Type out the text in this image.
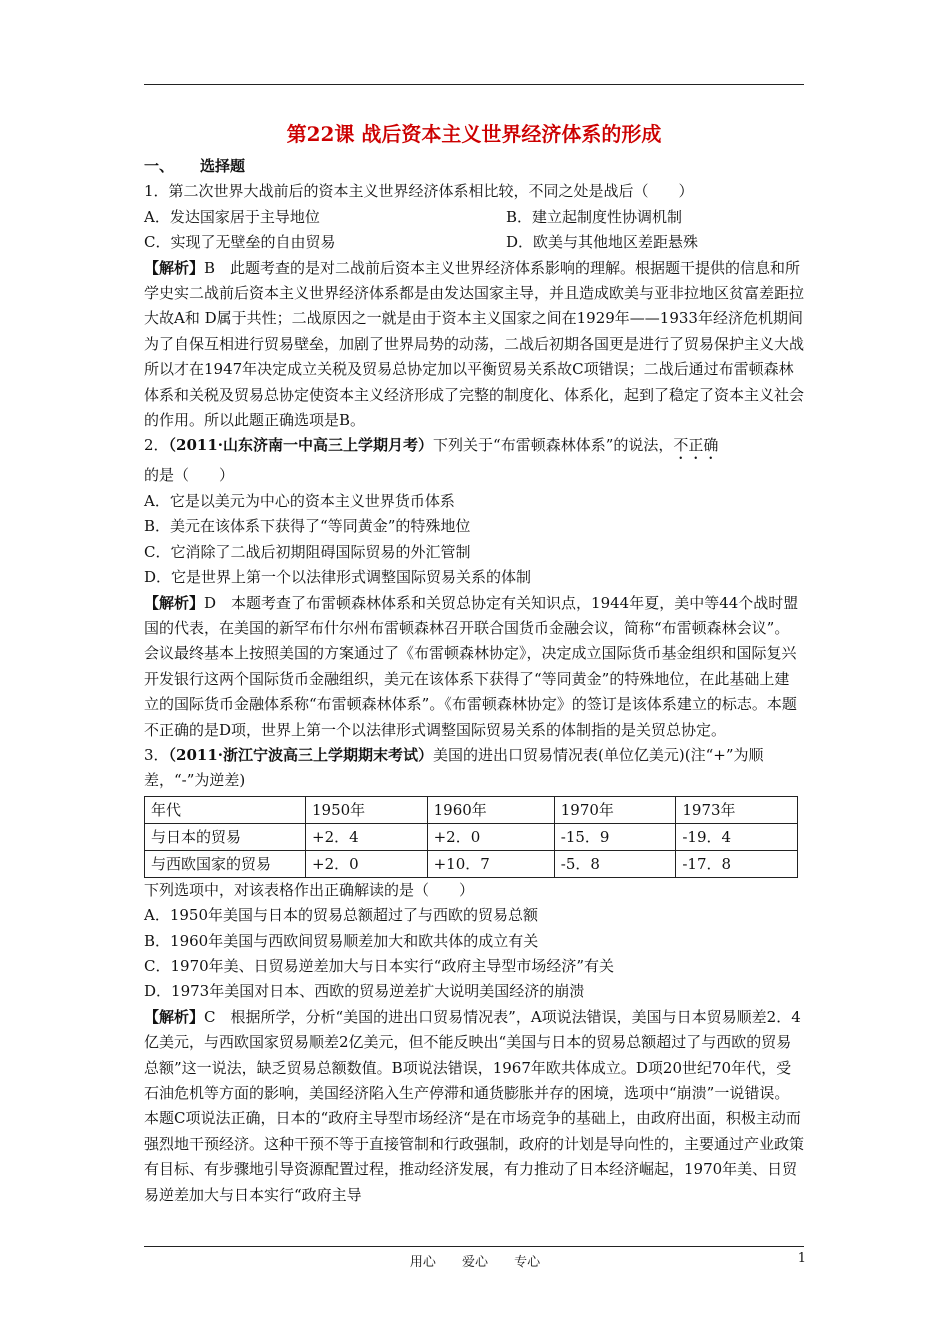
第22课 战后资本主义世界经济体系的形成

一、 选择题

1．第二次世界大战前后的资本主义世界经济体系相比较，不同之处是战后（　　）

A．发达国家居于主导地位	B．建立起制度性协调机制
C．实现了无壁垒的自由贸易	D．欧美与其他地区差距悬殊

【解析】B　此题考查的是对二战前后资本主义世界经济体系影响的理解。根据题干提供的信息和所学史实二战前后资本主义世界经济体系都是由发达国家主导，并且造成欧美与亚非拉地区贫富差距拉大故A和 D属于共性；二战原因之一就是由于资本主义国家之间在1929年——1933年经济危机期间为了自保互相进行贸易壁垒，加剧了世界局势的动荡，二战后初期各国更是进行了贸易保护主义大战所以才在1947年决定成立关税及贸易总协定加以平衡贸易关系故C项错误；二战后通过布雷顿森林体系和关税及贸易总协定使资本主义经济形成了完整的制度化、体系化，起到了稳定了资本主义社会的作用。所以此题正确选项是B。

2．（2011·山东济南一中高三上学期月考）下列关于“布雷顿森林体系”的说法，不正确的是（　　）

A．它是以美元为中心的资本主义世界货币体系

B．美元在该体系下获得了“等同黄金”的特殊地位

C．它消除了二战后初期阻碍国际贸易的外汇管制

D．它是世界上第一个以法律形式调整国际贸易关系的体制

【解析】D　本题考查了布雷顿森林体系和关贸总协定有关知识点，1944年夏，美中等44个战时盟国的代表，在美国的新罕布什尔州布雷顿森林召开联合国货币金融会议，简称“布雷顿森林会议”。会议最终基本上按照美国的方案通过了《布雷顿森林协定》，决定成立国际货币基金组织和国际复兴开发银行这两个国际货币金融组织，美元在该体系下获得了“等同黄金”的特殊地位，在此基础上建立的国际货币金融体系称“布雷顿森林体系”。《布雷顿森林协定》的签订是该体系建立的标志。本题不正确的是D项，世界上第一个以法律形式调整国际贸易关系的体制指的是关贸总协定。

3．（2011·浙江宁波高三上学期期末考试）美国的进出口贸易情况表(单位亿美元)(注“+”为顺差，“-”为逆差)

年代	1950年	1960年	1970年	1973年
与日本的贸易	+2．4	+2．0	-15．9	-19．4
与西欧国家的贸易	+2．0	+10．7	-5．8	-17．8

下列选项中，对该表格作出正确解读的是（　　）

A．1950年美国与日本的贸易总额超过了与西欧的贸易总额

B．1960年美国与西欧间贸易顺差加大和欧共体的成立有关

C．1970年美、日贸易逆差加大与日本实行“政府主导型市场经济”有关

D．1973年美国对日本、西欧的贸易逆差扩大说明美国经济的崩溃

【解析】C　根据所学，分析“美国的进出口贸易情况表”，A项说法错误，美国与日本贸易顺差2．4亿美元，与西欧国家贸易顺差2亿美元，但不能反映出“美国与日本的贸易总额超过了与西欧的贸易总额”这一说法，缺乏贸易总额数值。B项说法错误，1967年欧共体成立。D项20世纪70年代，受石油危机等方面的影响，美国经济陷入生产停滞和通货膨胀并存的困境，选项中“崩溃”一说错误。本题C项说法正确，日本的“政府主导型市场经济“是在市场竞争的基础上，由政府出面，积极主动而强烈地干预经济。这种干预不等于直接管制和行政强制，政府的计划是导向性的，主要通过产业政策有目标、有步骤地引导资源配置过程，推动经济发展，有力推动了日本经济崛起，1970年美、日贸易逆差加大与日本实行“政府主导

用心 爱心 专心	1
